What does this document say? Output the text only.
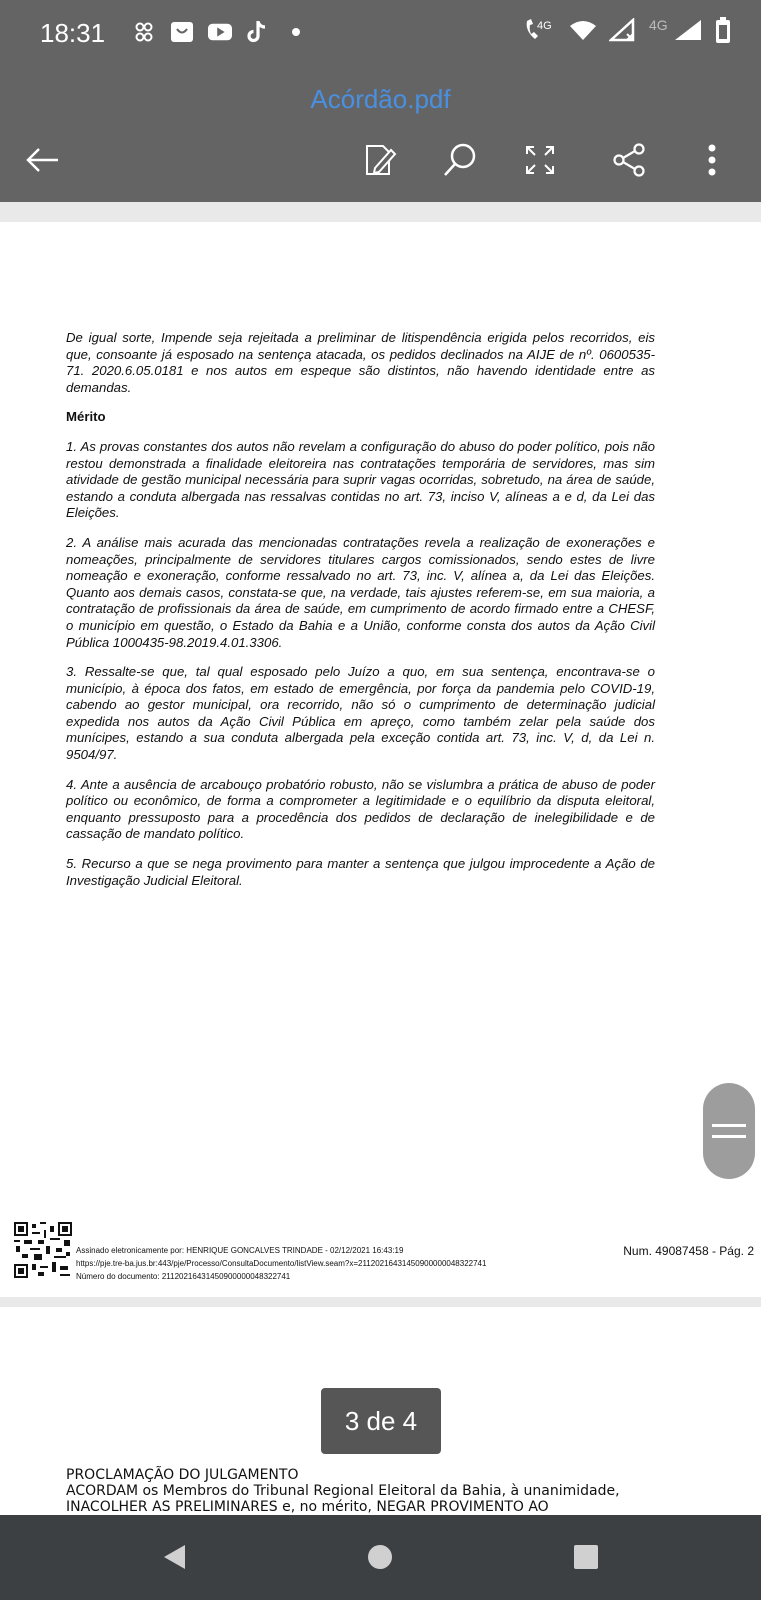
18:31	4G	4G
Acórdão.pdf

De igual sorte, Impende seja rejeitada a preliminar de litispendência erigida pelos recorridos, eis que, consoante já esposado na sentença atacada, os pedidos declinados na AIJE de nº. 0600535-71. 2020.6.05.0181 e nos autos em espeque são distintos, não havendo identidade entre as demandas.

Mérito

1. As provas constantes dos autos não revelam a configuração do abuso do poder político, pois não restou demonstrada a finalidade eleitoreira nas contratações temporária de servidores, mas sim atividade de gestão municipal necessária para suprir vagas ocorridas, sobretudo, na área de saúde, estando a conduta albergada nas ressalvas contidas no art. 73, inciso V, alíneas a e d, da Lei das Eleições.

2. A análise mais acurada das mencionadas contratações revela a realização de exonerações e nomeações, principalmente de servidores titulares cargos comissionados, sendo estes de livre nomeação e exoneração, conforme ressalvado no art. 73, inc. V, alínea a, da Lei das Eleições. Quanto aos demais casos, constata-se que, na verdade, tais ajustes referem-se, em sua maioria, a contratação de profissionais da área de saúde, em cumprimento de acordo firmado entre a CHESF, o município em questão, o Estado da Bahia e a União, conforme consta dos autos da Ação Civil Pública 1000435-98.2019.4.01.3306.

3. Ressalte-se que, tal qual esposado pelo Juízo a quo, em sua sentença, encontrava-se o município, à época dos fatos, em estado de emergência, por força da pandemia pelo COVID-19, cabendo ao gestor municipal, ora recorrido, não só o cumprimento de determinação judicial expedida nos autos da Ação Civil Pública em apreço, como também zelar pela saúde dos munícipes, estando a sua conduta albergada pela exceção contida art. 73, inc. V, d, da Lei n. 9504/97.

4. Ante a ausência de arcabouço probatório robusto, não se vislumbra a prática de abuso de poder político ou econômico, de forma a comprometer a legitimidade e o equilíbrio da disputa eleitoral, enquanto pressuposto para a procedência dos pedidos de declaração de inelegibilidade e de cassação de mandato político.

5. Recurso a que se nega provimento para manter a sentença que julgou improcedente a Ação de Investigação Judicial Eleitoral.

Assinado eletronicamente por: HENRIQUE GONCALVES TRINDADE - 02/12/2021 16:43:19
https://pje.tre-ba.jus.br:443/pje/Processo/ConsultaDocumento/listView.seam?x=21120216431450900000048322741
Número do documento: 21120216431450900000048322741
Num. 49087458 - Pág. 2
PROCLAMAÇÃO DO JULGAMENTO
ACORDAM os Membros do Tribunal Regional Eleitoral da Bahia, à unanimidade,
INACOLHER AS PRELIMINARES e, no mérito, NEGAR PROVIMENTO AO
3 de 4
